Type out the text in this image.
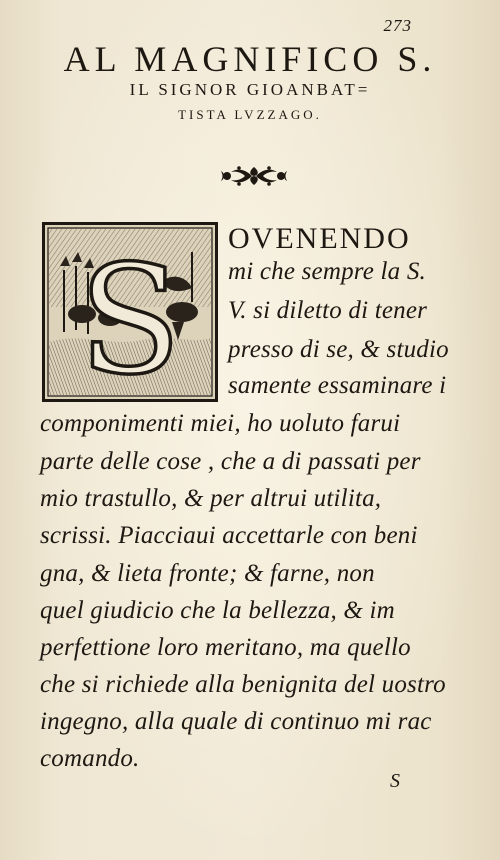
273
AL MAGNIFICO S.
IL SIGNOR GIOANBAT=
TISTA LVZZAGO.
S OVENENDO
mi che sempre la S.
V. si diletto di tener
presso di se, & studio
samente essaminare i
componimenti miei, ho uoluto farui
parte delle cose , che a di passati per
mio trastullo, & per altrui utilita,
scrissi. Piacciaui accettarle con beni
gna, & lieta fronte; & farne, non
quel giudicio che la bellezza, & im
perfettione loro meritano, ma quello
che si richiede alla benignita del uostro
ingegno, alla quale di continuo mi rac
comando.
S
